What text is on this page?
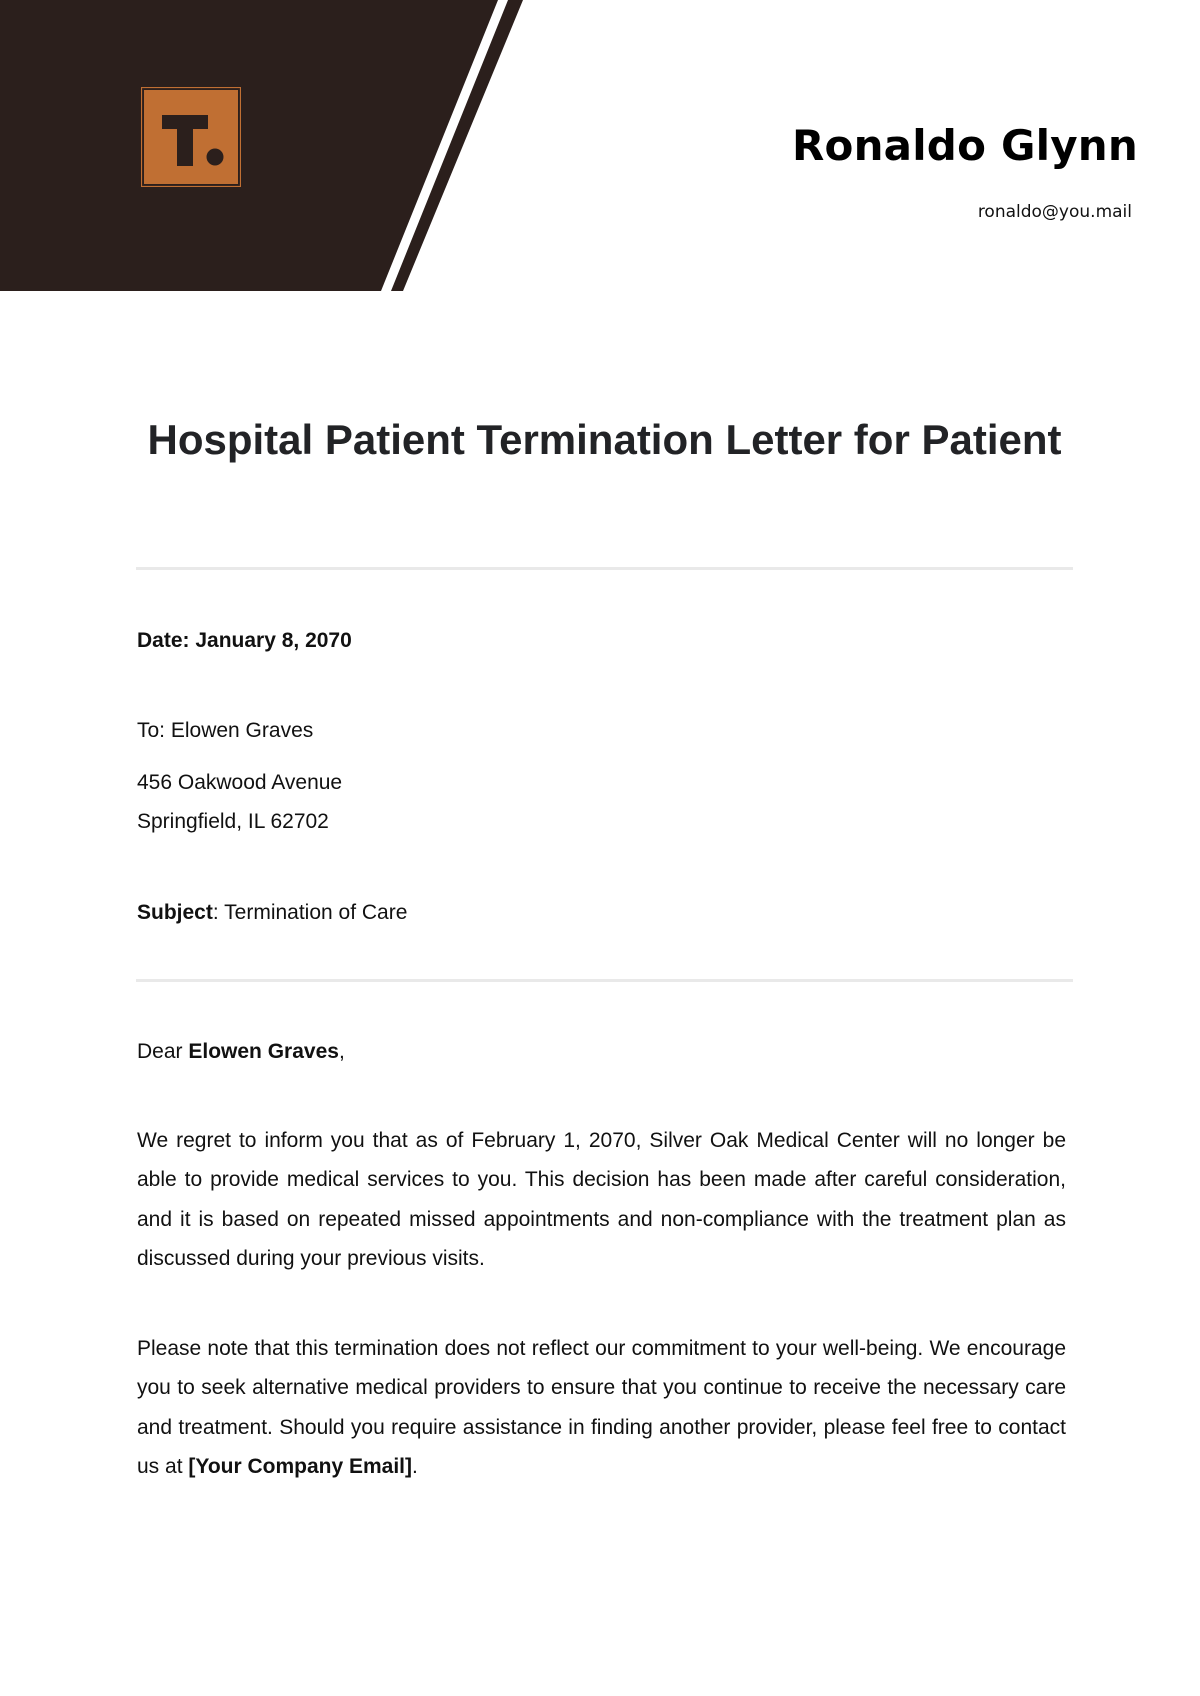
Ronaldo Glynn
ronaldo@you.mail
Hospital Patient Termination Letter for Patient
Date: January 8, 2070
To: Elowen Graves
456 Oakwood Avenue
Springfield, IL 62702
Subject: Termination of Care
Dear Elowen Graves,

We regret to inform you that as of February 1, 2070, Silver Oak Medical Center will no longer be able to provide medical services to you. This decision has been made after careful consideration, and it is based on repeated missed appointments and non-compliance with the treatment plan as discussed during your previous visits.

Please note that this termination does not reflect our commitment to your well-being. We encourage you to seek alternative medical providers to ensure that you continue to receive the necessary care and treatment. Should you require assistance in finding another provider, please feel free to contact us at [Your Company Email].
